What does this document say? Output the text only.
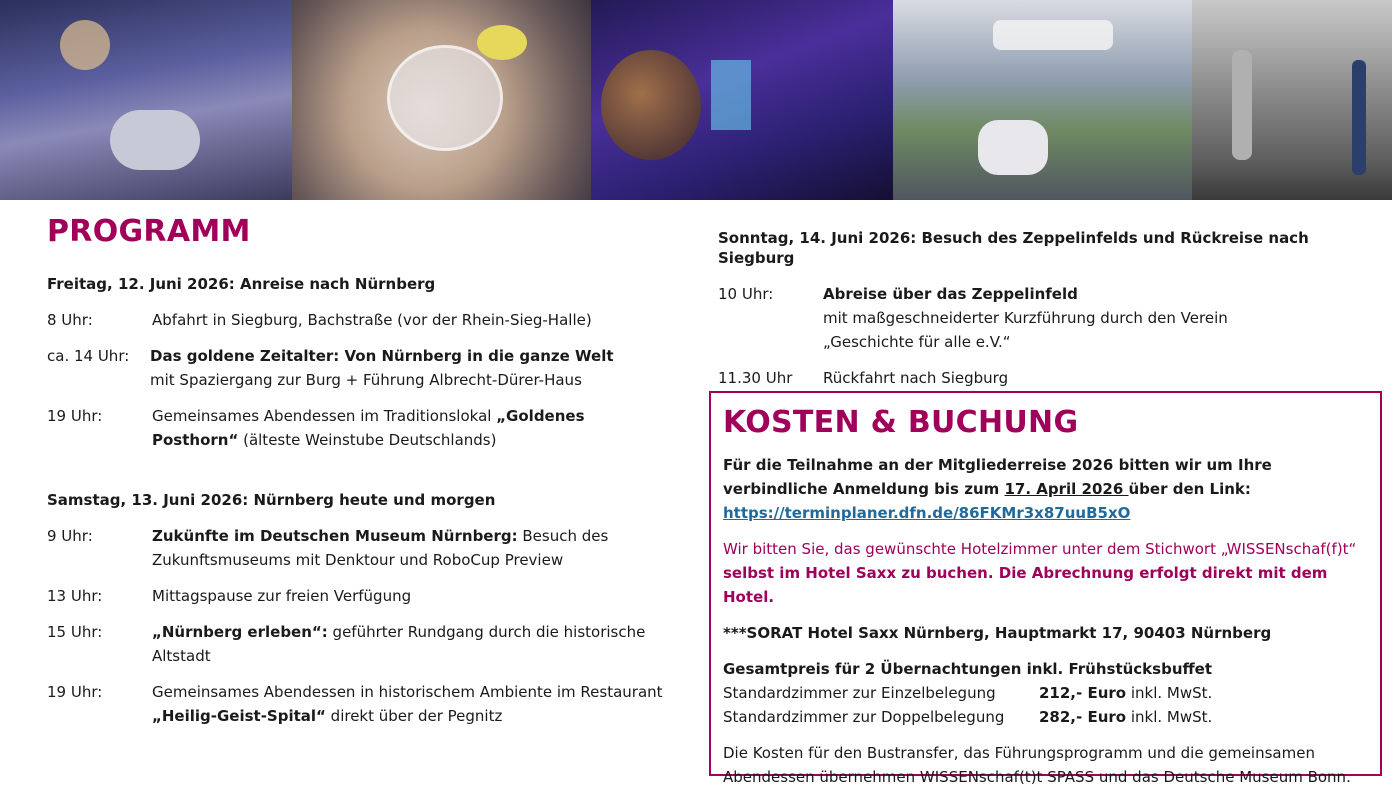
PROGRAMM
Freitag, 12. Juni 2026: Anreise nach Nürnberg
8 Uhr:	Abfahrt in Siegburg, Bachstraße (vor der Rhein-Sieg-Halle)
ca. 14 Uhr:	Das goldene Zeitalter: Von Nürnberg in die ganze Welt
mit Spaziergang zur Burg + Führung Albrecht-Dürer-Haus
19 Uhr:	Gemeinsames Abendessen im Traditionslokal „Goldenes Posthorn“ (älteste Weinstube Deutschlands)
Samstag, 13. Juni 2026: Nürnberg heute und morgen
9 Uhr:	Zukünfte im Deutschen Museum Nürnberg: Besuch des Zukunftsmuseums mit Denktour und RoboCup Preview
13 Uhr:	Mittagspause zur freien Verfügung
15 Uhr:	„Nürnberg erleben“: geführter Rundgang durch die historische Altstadt
19 Uhr:	Gemeinsames Abendessen in historischem Ambiente im Restaurant „Heilig-Geist-Spital“ direkt über der Pegnitz
Sonntag, 14. Juni 2026: Besuch des Zeppelinfelds und Rückreise nach Siegburg
10 Uhr:	Abreise über das Zeppelinfeld
mit maßgeschneiderter Kurzführung durch den Verein
„Geschichte für alle e.V.“
11.30 Uhr	Rückfahrt nach Siegburg
KOSTEN & BUCHUNG

Für die Teilnahme an der Mitgliederreise 2026 bitten wir um Ihre verbindliche Anmeldung bis zum 17. April 2026 über den Link:
https://terminplaner.dfn.de/86FKMr3x87uuB5xO

Wir bitten Sie, das gewünschte Hotelzimmer unter dem Stichwort „WISSENschaf(f)t“
selbst im Hotel Saxx zu buchen. Die Abrechnung erfolgt direkt mit dem Hotel.

***SORAT Hotel Saxx Nürnberg, Hauptmarkt 17, 90403 Nürnberg

Gesamtpreis für 2 Übernachtungen inkl. Frühstücksbuffet

Standardzimmer zur Einzelbelegung	212,- Euro inkl. MwSt.
Standardzimmer zur Doppelbelegung	282,- Euro inkl. MwSt.

Die Kosten für den Bustransfer, das Führungsprogramm und die gemeinsamen Abendessen übernehmen WISSENschaf(t)t SPASS und das Deutsche Museum Bonn.
